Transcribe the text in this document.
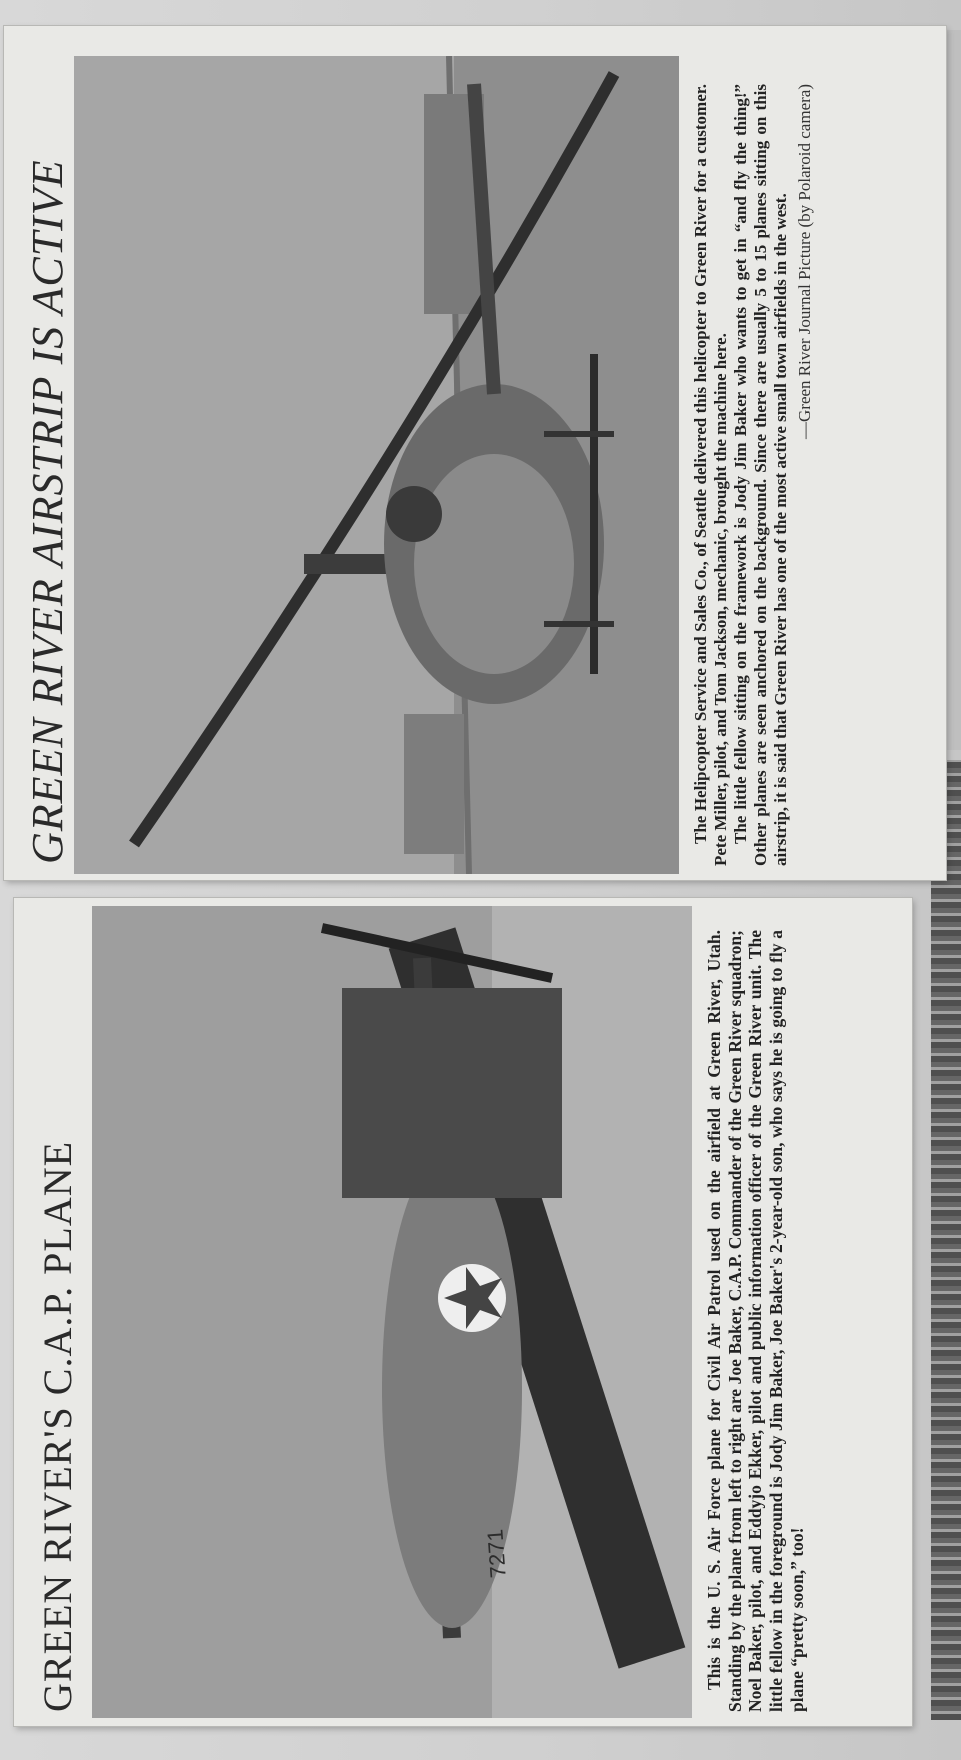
GREEN RIVER AIRSTRIP IS ACTIVE	The Helipcopter Service and Sales Co., of Seattle delivered this helicopter to Green River for a customer. Pete Miller, pilot, and Tom Jackson, mechanic, brought the machine here. The little fellow sitting on the framework is Jody Jim Baker who wants to get in “and fly the thing!” Other planes are seen anchored on the background. Since there are usually 5 to 15 planes sitting on this airstrip, it is said that Green River has one of the most active small town airfields in the west. —Green River Journal Picture (by Polaroid camera)
GREEN RIVER'S C.A.P. PLANE	7271	This is the U. S. Air Force plane for Civil Air Patrol used on the airfield at Green River, Utah. Standing by the plane from left to right are Joe Baker, C.A.P. Commander of the Green River squadron; Noel Baker, pilot, and Eddyjo Ekker, pilot and public information officer of the Green River unit. The little fellow in the foreground is Jody Jim Baker, Joe Baker's 2-year-old son, who says he is going to fly a plane “pretty soon,” too!
